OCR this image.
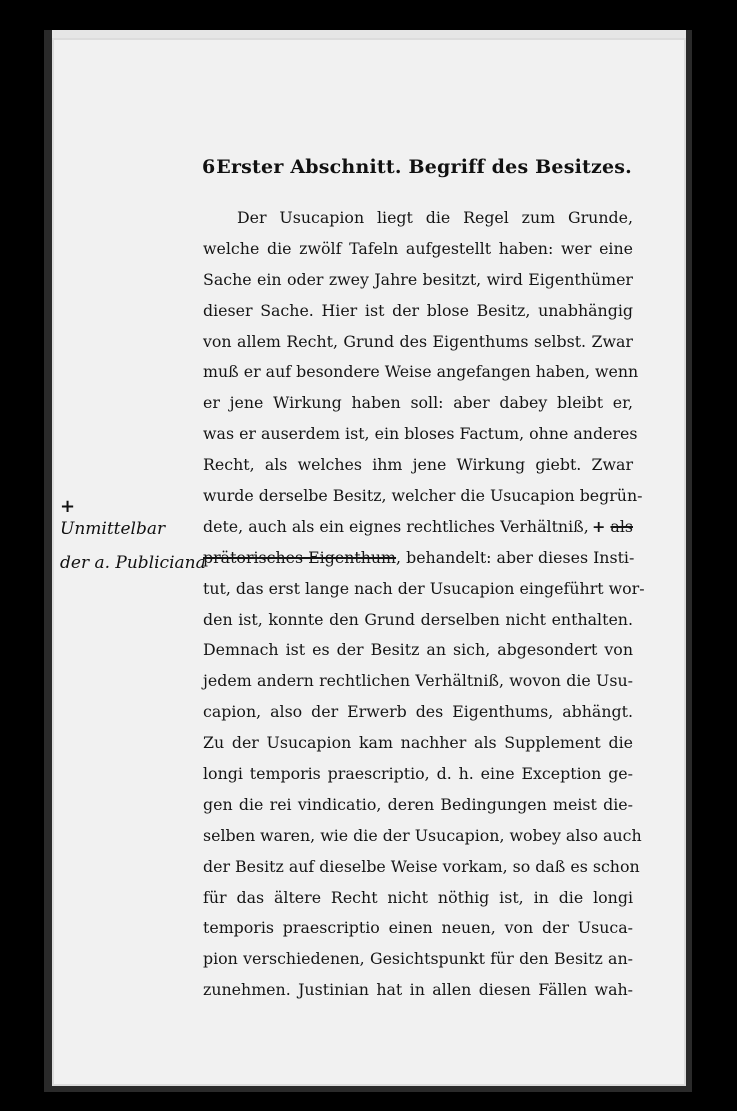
6 Erster Abschnitt. Begriff des Besitzes.
+
Unmittelbar
der a. Publiciana
Der Usucapion liegt die Regel zum Grunde,
welche die zwölf Tafeln aufgestellt haben: wer eine
Sache ein oder zwey Jahre besitzt, wird Eigenthümer
dieser Sache. Hier ist der blose Besitz, unabhängig
von allem Recht, Grund des Eigenthums selbst. Zwar
muß er auf besondere Weise angefangen haben, wenn
er jene Wirkung haben soll: aber dabey bleibt er,
was er auserdem ist, ein bloses Factum, ohne anderes
Recht, als welches ihm jene Wirkung giebt. Zwar
wurde derselbe Besitz, welcher die Usucapion begrün-
dete, auch als ein eignes rechtliches Verhältniß, + als
prätorisches Eigenthum , behandelt: aber dieses Insti-
tut, das erst lange nach der Usucapion eingeführt wor-
den ist, konnte den Grund derselben nicht enthalten.
Demnach ist es der Besitz an sich, abgesondert von
jedem andern rechtlichen Verhältniß, wovon die Usu-
capion, also der Erwerb des Eigenthums, abhängt.
Zu der Usucapion kam nachher als Supplement die
longi temporis praescriptio, d. h. eine Exception ge-
gen die rei vindicatio, deren Bedingungen meist die-
selben waren, wie die der Usucapion, wobey also auch
der Besitz auf dieselbe Weise vorkam, so daß es schon
für das ältere Recht nicht nöthig ist, in die longi
temporis praescriptio einen neuen, von der Usuca-
pion verschiedenen, Gesichtspunkt für den Besitz an-
zunehmen. Justinian hat in allen diesen Fällen wah-
